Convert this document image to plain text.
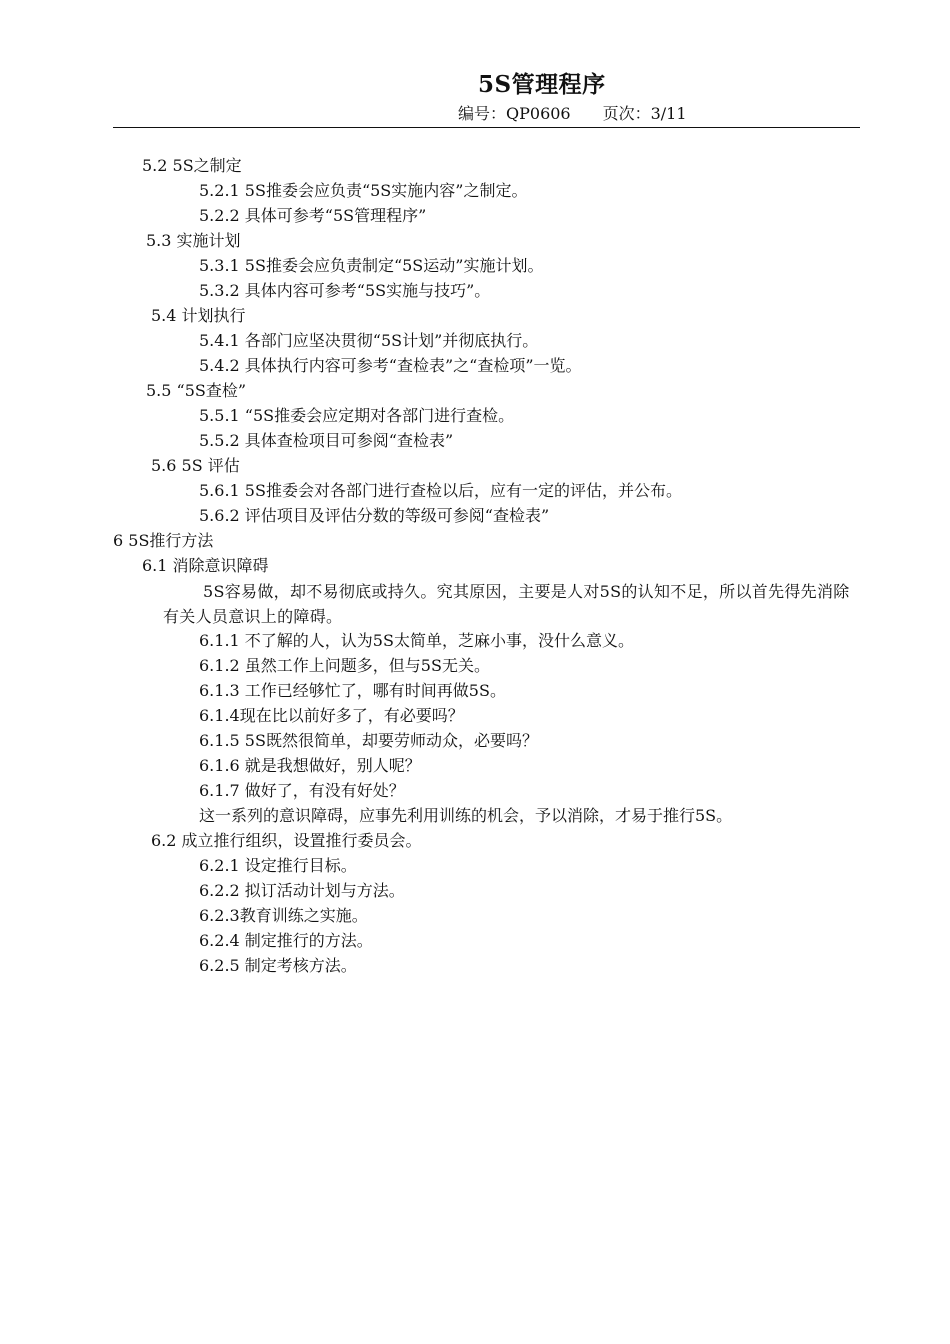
5S管理程序
编号：QP0606 页次：3/11
5.2 5S之制定
5.2.1 5S推委会应负责“5S实施内容”之制定。
5.2.2 具体可参考“5S管理程序”
5.3 实施计划
5.3.1 5S推委会应负责制定“5S运动”实施计划。
5.3.2 具体内容可参考“5S实施与技巧”。
5.4 计划执行
5.4.1 各部门应坚决贯彻“5S计划”并彻底执行。
5.4.2 具体执行内容可参考“查检表”之“查检项”一览。
5.5 “5S查检”
5.5.1 “5S推委会应定期对各部门进行查检。
5.5.2 具体查检项目可参阅“查检表”
5.6 5S 评估
5.6.1 5S推委会对各部门进行查检以后，应有一定的评估，并公布。
5.6.2 评估项目及评估分数的等级可参阅“查检表”
6 5S推行方法
6.1 消除意识障碍
5S容易做，却不易彻底或持久。究其原因，主要是人对5S的认知不足，所以首先得先消除有关人员意识上的障碍。
6.1.1 不了解的人，认为5S太简单，芝麻小事，没什么意义。
6.1.2 虽然工作上问题多，但与5S无关。
6.1.3 工作已经够忙了，哪有时间再做5S。
6.1.4现在比以前好多了，有必要吗？
6.1.5 5S既然很简单，却要劳师动众，必要吗？
6.1.6 就是我想做好，别人呢？
6.1.7 做好了，有没有好处？
这一系列的意识障碍，应事先利用训练的机会，予以消除，才易于推行5S。
6.2 成立推行组织，设置推行委员会。
6.2.1 设定推行目标。
6.2.2 拟订活动计划与方法。
6.2.3教育训练之实施。
6.2.4 制定推行的方法。
6.2.5 制定考核方法。
